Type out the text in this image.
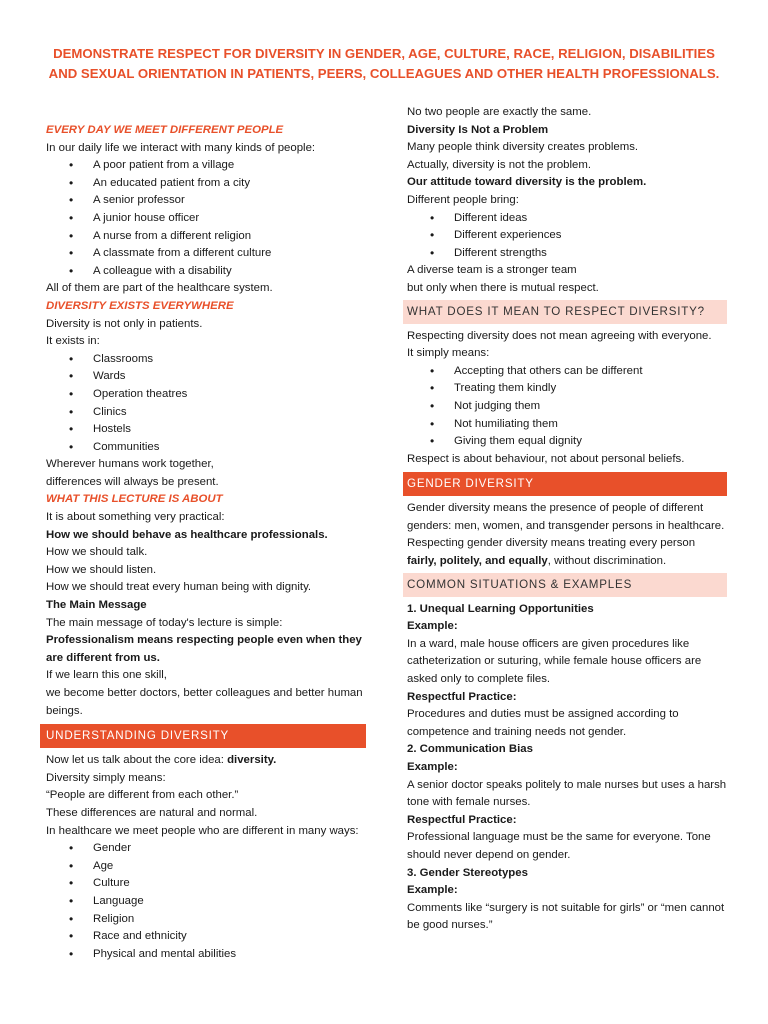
DEMONSTRATE RESPECT FOR DIVERSITY IN GENDER, AGE, CULTURE, RACE, RELIGION, DISABILITIES AND SEXUAL ORIENTATION IN PATIENTS, PEERS, COLLEAGUES AND OTHER HEALTH PROFESSIONALS.
EVERY DAY WE MEET DIFFERENT PEOPLE
In our daily life we interact with many kinds of people:
• A poor patient from a village
• An educated patient from a city
• A senior professor
• A junior house officer
• A nurse from a different religion
• A classmate from a different culture
• A colleague with a disability
All of them are part of the healthcare system.
DIVERSITY EXISTS EVERYWHERE
Diversity is not only in patients.
It exists in:
• Classrooms
• Wards
• Operation theatres
• Clinics
• Hostels
• Communities
Wherever humans work together,
differences will always be present.
WHAT THIS LECTURE IS ABOUT
It is about something very practical:
How we should behave as healthcare professionals.
How we should talk.
How we should listen.
How we should treat every human being with dignity.
The Main Message
The main message of today's lecture is simple:
Professionalism means respecting people even when they are different from us.
If we learn this one skill,
we become better doctors, better colleagues and better human beings.
UNDERSTANDING DIVERSITY
Now let us talk about the core idea: diversity.
Diversity simply means:
“People are different from each other.”
These differences are natural and normal.
In healthcare we meet people who are different in many ways:
• Gender
• Age
• Culture
• Language
• Religion
• Race and ethnicity
• Physical and mental abilities
No two people are exactly the same.
Diversity Is Not a Problem
Many people think diversity creates problems.
Actually, diversity is not the problem.
Our attitude toward diversity is the problem.
Different people bring:
• Different ideas
• Different experiences
• Different strengths
A diverse team is a stronger team
but only when there is mutual respect.
WHAT DOES IT MEAN TO RESPECT DIVERSITY?
Respecting diversity does not mean agreeing with everyone.
It simply means:
• Accepting that others can be different
• Treating them kindly
• Not judging them
• Not humiliating them
• Giving them equal dignity
Respect is about behaviour, not about personal beliefs.
GENDER DIVERSITY
Gender diversity means the presence of people of different genders: men, women, and transgender persons in healthcare.
Respecting gender diversity means treating every person
fairly, politely, and equally, without discrimination.
COMMON SITUATIONS & EXAMPLES
1. Unequal Learning Opportunities
Example:
In a ward, male house officers are given procedures like catheterization or suturing, while female house officers are asked only to complete files.
Respectful Practice:
Procedures and duties must be assigned according to competence and training needs not gender.
2. Communication Bias
Example:
A senior doctor speaks politely to male nurses but uses a harsh tone with female nurses.
Respectful Practice:
Professional language must be the same for everyone. Tone should never depend on gender.
3. Gender Stereotypes
Example:
Comments like “surgery is not suitable for girls” or “men cannot be good nurses.”
